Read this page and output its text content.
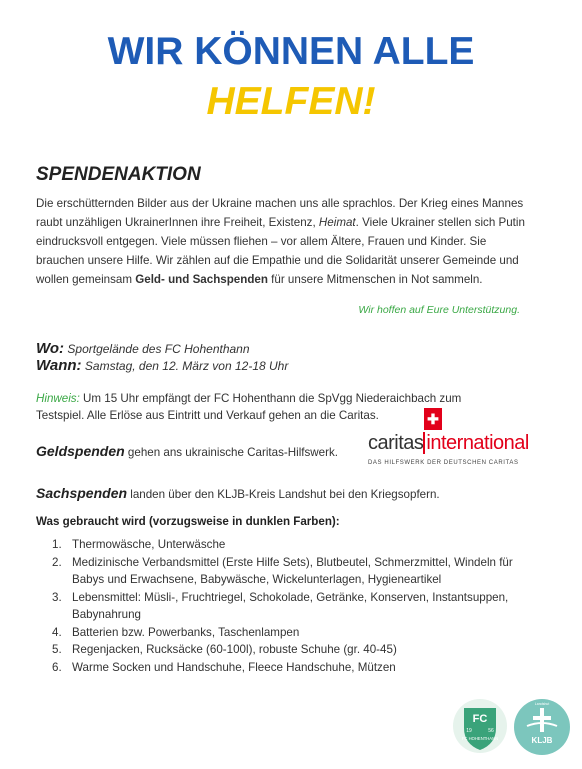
WIR KÖNNEN ALLE
HELFEN!
SPENDENAKTION
Die erschütternden Bilder aus der Ukraine machen uns alle sprachlos. Der Krieg eines Mannes raubt unzähligen UkrainerInnen ihre Freiheit, Existenz, Heimat. Viele Ukrainer stellen sich Putin eindrucksvoll entgegen. Viele müssen fliehen – vor allem Ältere, Frauen und Kinder. Sie brauchen unsere Hilfe. Wir zählen auf die Empathie und die Solidarität unserer Gemeinde und wollen gemeinsam Geld- und Sachspenden für unsere Mitmenschen in Not sammeln.
Wir hoffen auf Eure Unterstützung.
Wo: Sportgelände des FC Hohenthann
Wann: Samstag, den 12. März von 12-18 Uhr
Hinweis: Um 15 Uhr empfängt der FC Hohenthann die SpVgg Niederaichbach zum Testspiel. Alle Erlöse aus Eintritt und Verkauf gehen an die Caritas.
Geldspenden gehen ans ukrainische Caritas-Hilfswerk.
✚
caritas international
DAS HILFSWERK DER DEUTSCHEN CARITAS
Sachspenden landen über den KLJB-Kreis Landshut bei den Kriegsopfern.
Was gebraucht wird (vorzugsweise in dunklen Farben):
1. Thermowäsche, Unterwäsche
2. Medizinische Verbandsmittel (Erste Hilfe Sets), Blutbeutel, Schmerzmittel, Windeln für Babys und Erwachsene, Babywäsche, Wickelunterlagen, Hygieneartikel
3. Lebensmittel: Müsli-, Fruchtriegel, Schokolade, Getränke, Konserven, Instantsuppen, Babynahrung
4. Batterien bzw. Powerbanks, Taschenlampen
5. Regenjacken, Rucksäcke (60-100l), robuste Schuhe (gr. 40-45)
6. Warme Socken und Handschuhe, Fleece Handschuhe, Mützen
FC
19	56
FC HOHENTHANN	KLJB
Landshut
